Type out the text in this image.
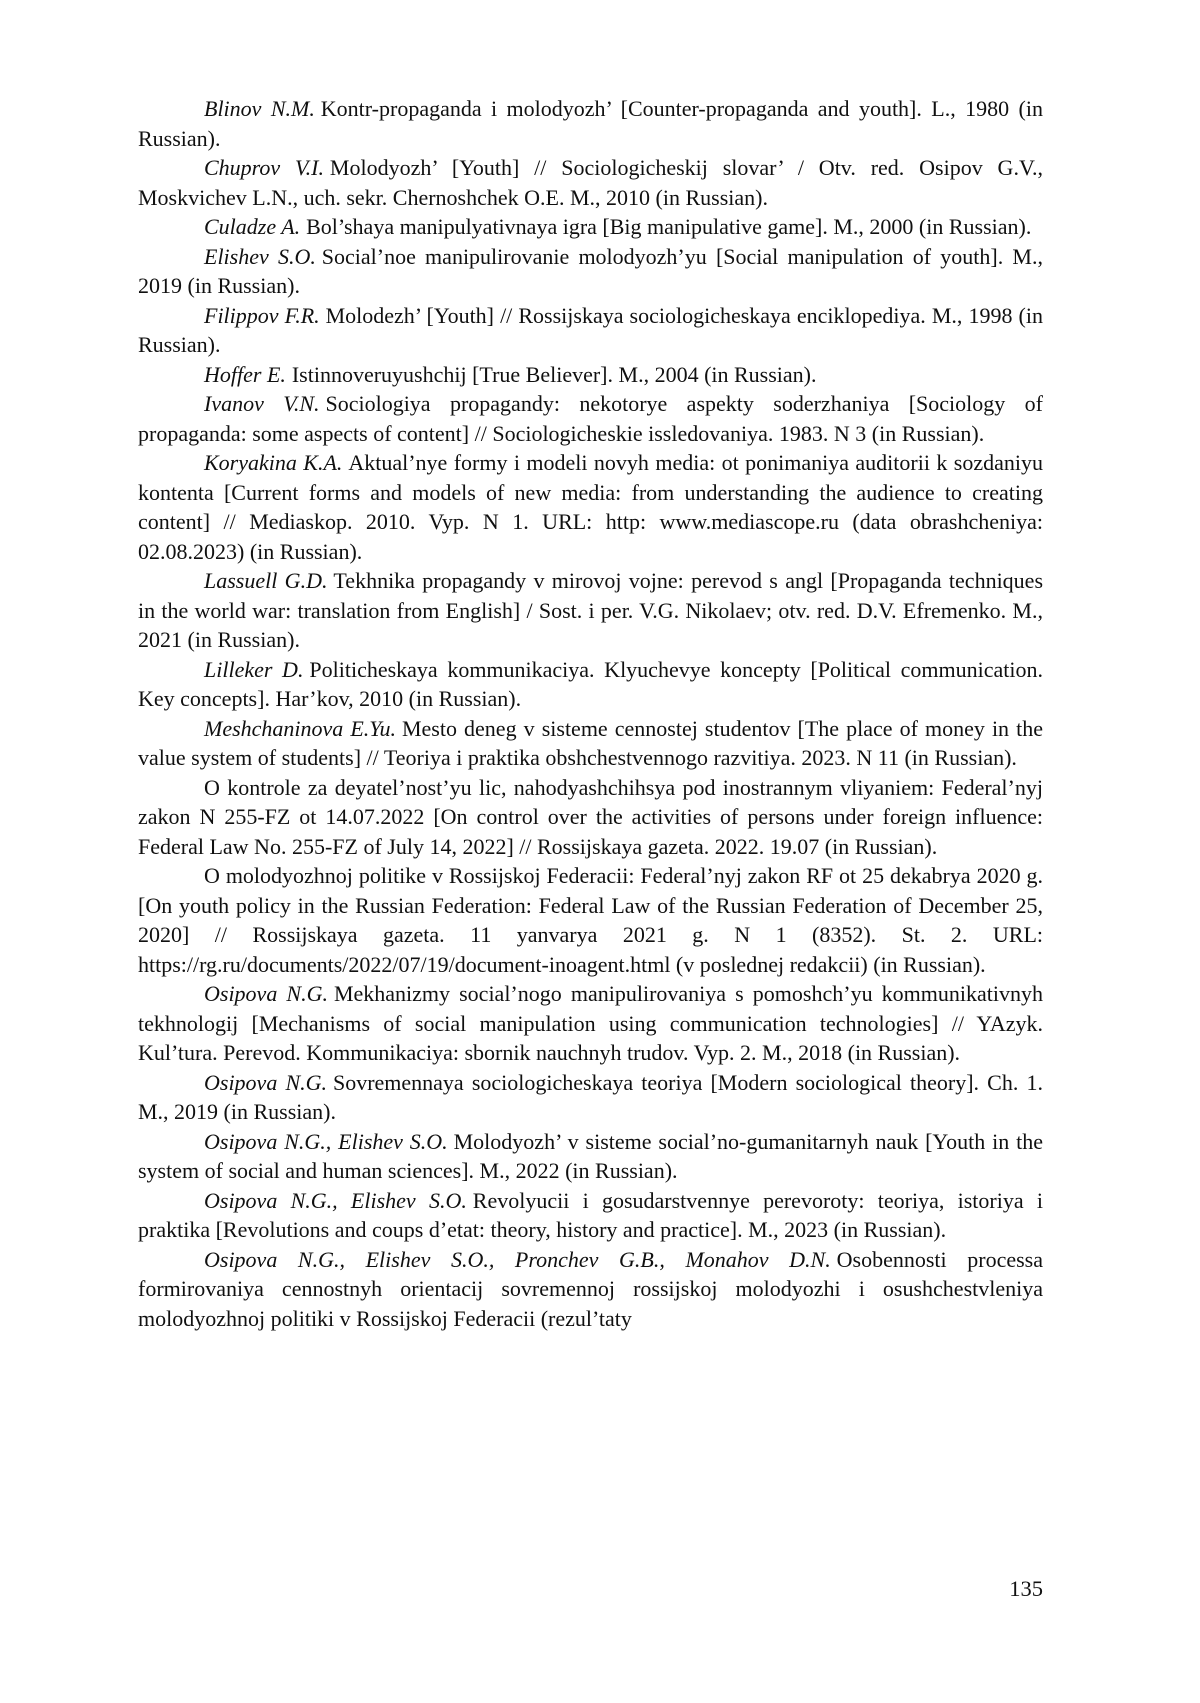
Blinov N.M. Kontr-propaganda i molodyozh’ [Counter-propaganda and youth]. L., 1980 (in Russian).

Chuprov V.I. Molodyozh’ [Youth] // Sociologicheskij slovar’ / Otv. red. Osipov G.V., Moskvichev L.N., uch. sekr. Chernoshchek O.E. M., 2010 (in Russian).

Culadze A. Bol’shaya manipulyativnaya igra [Big manipulative game]. M., 2000 (in Russian).

Elishev S.O. Social’noe manipulirovanie molodyozh’yu [Social manipulation of youth]. M., 2019 (in Russian).

Filippov F.R. Molodezh’ [Youth] // Rossijskaya sociologicheskaya enciklopediya. M., 1998 (in Russian).

Hoffer E. Istinnoveruyushchij [True Believer]. M., 2004 (in Russian).

Ivanov V.N. Sociologiya propagandy: nekotorye aspekty soderzhaniya [Sociology of propaganda: some aspects of content] // Sociologicheskie issledovaniya. 1983. N 3 (in Russian).

Koryakina K.A. Aktual’nye formy i modeli novyh media: ot ponimaniya auditorii k sozdaniyu kontenta [Current forms and models of new media: from understanding the audience to creating content] // Mediaskop. 2010. Vyp. N 1. URL: http: www.mediascope.ru (data obrashcheniya: 02.08.2023) (in Russian).

Lassuell G.D. Tekhnika propagandy v mirovoj vojne: perevod s angl [Propaganda techniques in the world war: translation from English] / Sost. i per. V.G. Nikolaev; otv. red. D.V. Efremenko. M., 2021 (in Russian).

Lilleker D. Politicheskaya kommunikaciya. Klyuchevye koncepty [Political communication. Key concepts]. Har’kov, 2010 (in Russian).

Meshchaninova E.Yu. Mesto deneg v sisteme cennostej studentov [The place of money in the value system of students] // Teoriya i praktika obshchestvennogo razvitiya. 2023. N 11 (in Russian).

O kontrole za deyatel’nost’yu lic, nahodyashchihsya pod inostrannym vliyaniem: Federal’nyj zakon N 255-FZ ot 14.07.2022 [On control over the activities of persons under foreign influence: Federal Law No. 255-FZ of July 14, 2022] // Rossijskaya gazeta. 2022. 19.07 (in Russian).

O molodyozhnoj politike v Rossijskoj Federacii: Federal’nyj zakon RF ot 25 dekabrya 2020 g. [On youth policy in the Russian Federation: Federal Law of the Russian Federation of December 25, 2020] // Rossijskaya gazeta. 11 yanvarya 2021 g. N 1 (8352). St. 2. URL: https://rg.ru/documents/2022/07/19/document-inoagent.html (v poslednej redakcii) (in Russian).

Osipova N.G. Mekhanizmy social’nogo manipulirovaniya s pomoshch’yu kommunikativnyh tekhnologij [Mechanisms of social manipulation using communication technologies] // YAzyk. Kul’tura. Perevod. Kommunikaciya: sbornik nauchnyh trudov. Vyp. 2. M., 2018 (in Russian).

Osipova N.G. Sovremennaya sociologicheskaya teoriya [Modern sociological theory]. Ch. 1. M., 2019 (in Russian).

Osipova N.G., Elishev S.O. Molodyozh’ v sisteme social’no-gumanitarnyh nauk [Youth in the system of social and human sciences]. M., 2022 (in Russian).

Osipova N.G., Elishev S.O. Revolyucii i gosudarstvennye perevoroty: teoriya, istoriya i praktika [Revolutions and coups d’etat: theory, history and practice]. M., 2023 (in Russian).

Osipova N.G., Elishev S.O., Pronchev G.B., Monahov D.N. Osobennosti processa formirovaniya cennostnyh orientacij sovremennoj rossijskoj molodyozhi i osushchestvleniya molodyozhnoj politiki v Rossijskoj Federacii (rezul’taty

135
